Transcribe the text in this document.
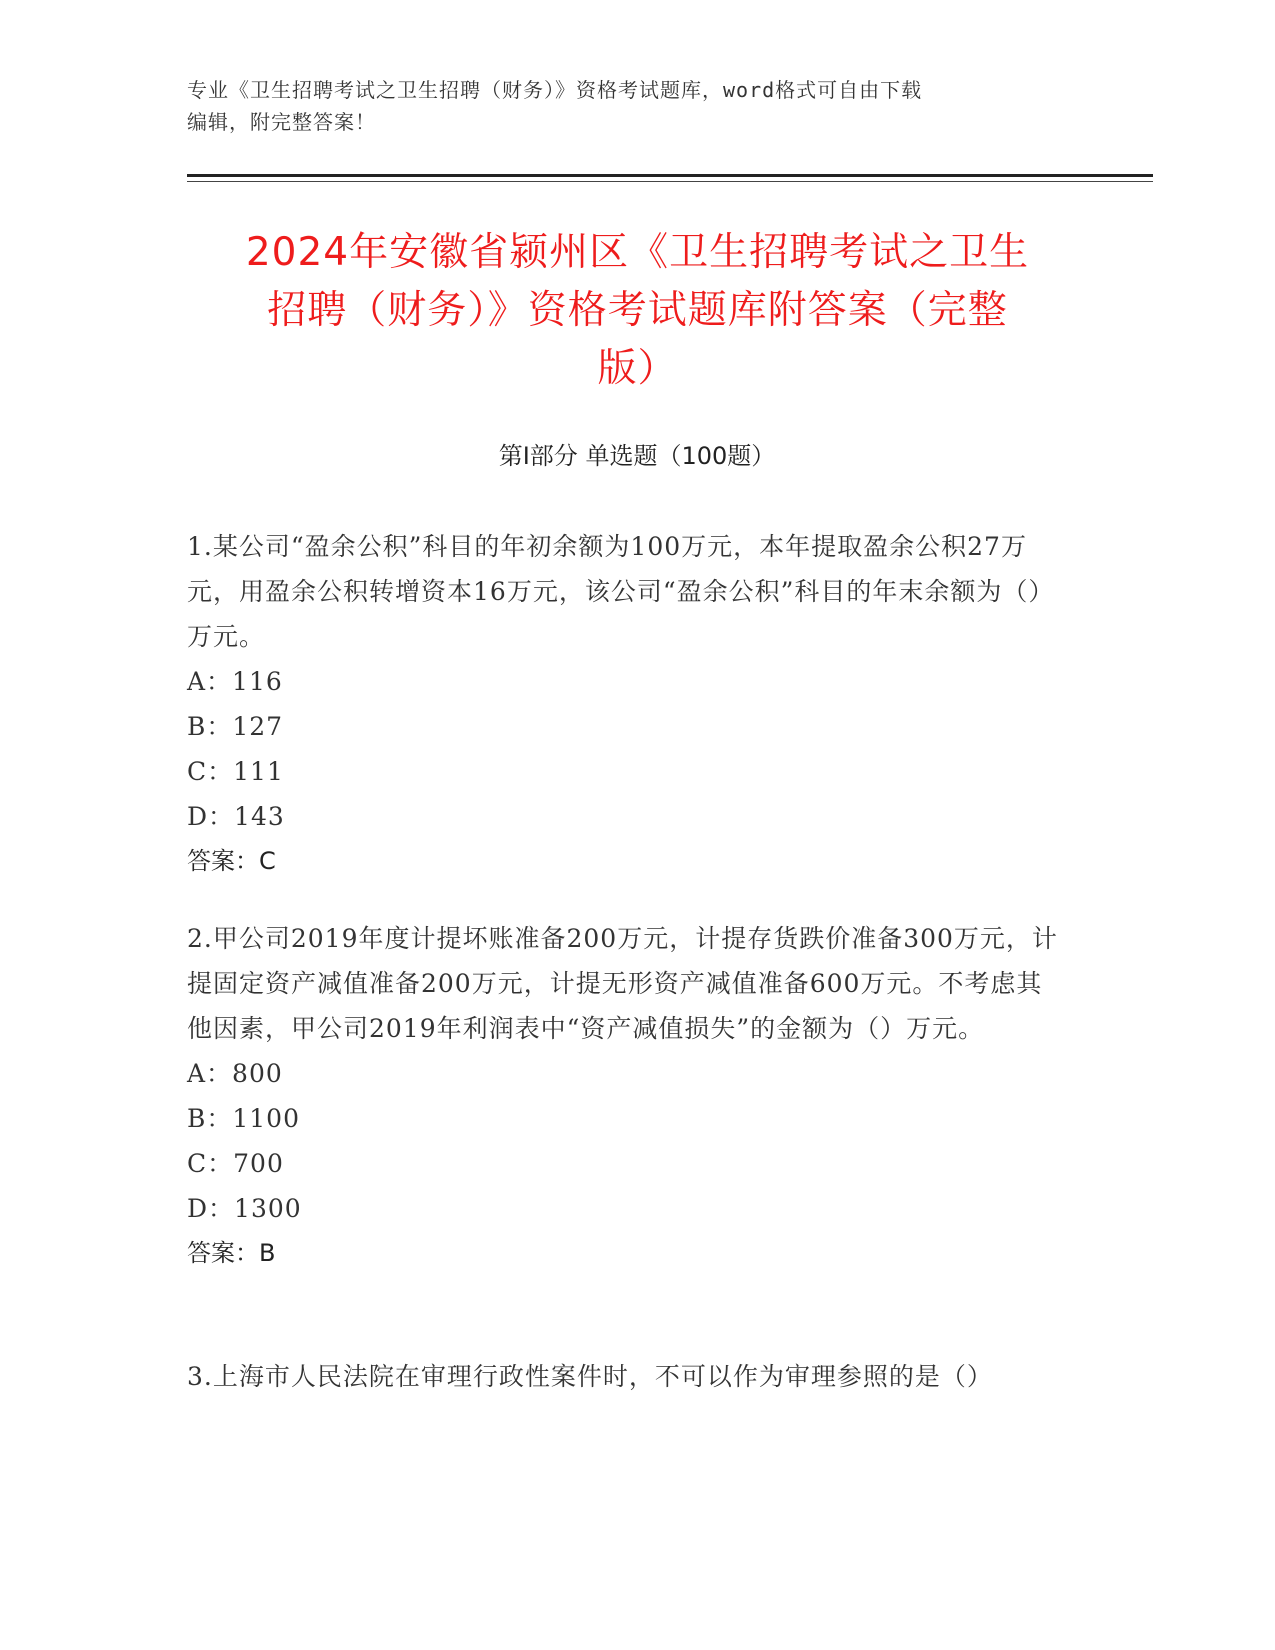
专业《卫生招聘考试之卫生招聘（财务）》资格考试题库，word格式可自由下载
编辑，附完整答案！
2024年安徽省颍州区《卫生招聘考试之卫生
招聘（财务）》资格考试题库附答案（完整
版）
第Ⅰ部分 单选题（100题）

1.某公司“盈余公积”科目的年初余额为100万元，本年提取盈余公积27万元，用盈余公积转增资本16万元，该公司“盈余公积”科目的年末余额为（）万元。

A：116

B：127

C：111

D：143

答案：C

2.甲公司2019年度计提坏账准备200万元，计提存货跌价准备300万元，计提固定资产减值准备200万元，计提无形资产减值准备600万元。不考虑其他因素，甲公司2019年利润表中“资产减值损失”的金额为（）万元。

A：800

B：1100

C：700

D：1300

答案：B

3.上海市人民法院在审理行政性案件时，不可以作为审理参照的是（）
